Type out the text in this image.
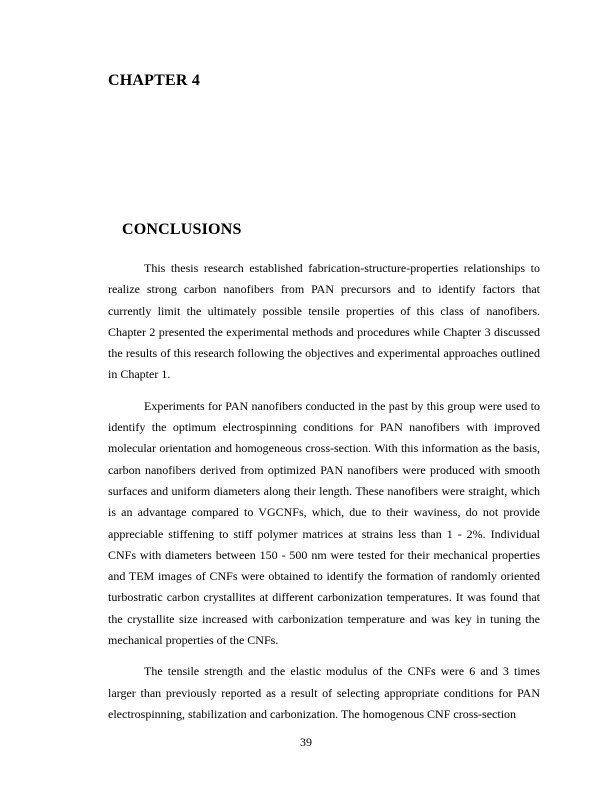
CHAPTER 4
CONCLUSIONS

This thesis research established fabrication-structure-properties relationships to realize strong carbon nanofibers from PAN precursors and to identify factors that currently limit the ultimately possible tensile properties of this class of nanofibers. Chapter 2 presented the experimental methods and procedures while Chapter 3 discussed the results of this research following the objectives and experimental approaches outlined in Chapter 1.

Experiments for PAN nanofibers conducted in the past by this group were used to identify the optimum electrospinning conditions for PAN nanofibers with improved molecular orientation and homogeneous cross-section. With this information as the basis, carbon nanofibers derived from optimized PAN nanofibers were produced with smooth surfaces and uniform diameters along their length. These nanofibers were straight, which is an advantage compared to VGCNFs, which, due to their waviness, do not provide appreciable stiffening to stiff polymer matrices at strains less than 1 - 2%. Individual CNFs with diameters between 150 - 500 nm were tested for their mechanical properties and TEM images of CNFs were obtained to identify the formation of randomly oriented turbostratic carbon crystallites at different carbonization temperatures. It was found that the crystallite size increased with carbonization temperature and was key in tuning the mechanical properties of the CNFs.

The tensile strength and the elastic modulus of the CNFs were 6 and 3 times larger than previously reported as a result of selecting appropriate conditions for PAN electrospinning, stabilization and carbonization. The homogenous CNF cross-section

39
